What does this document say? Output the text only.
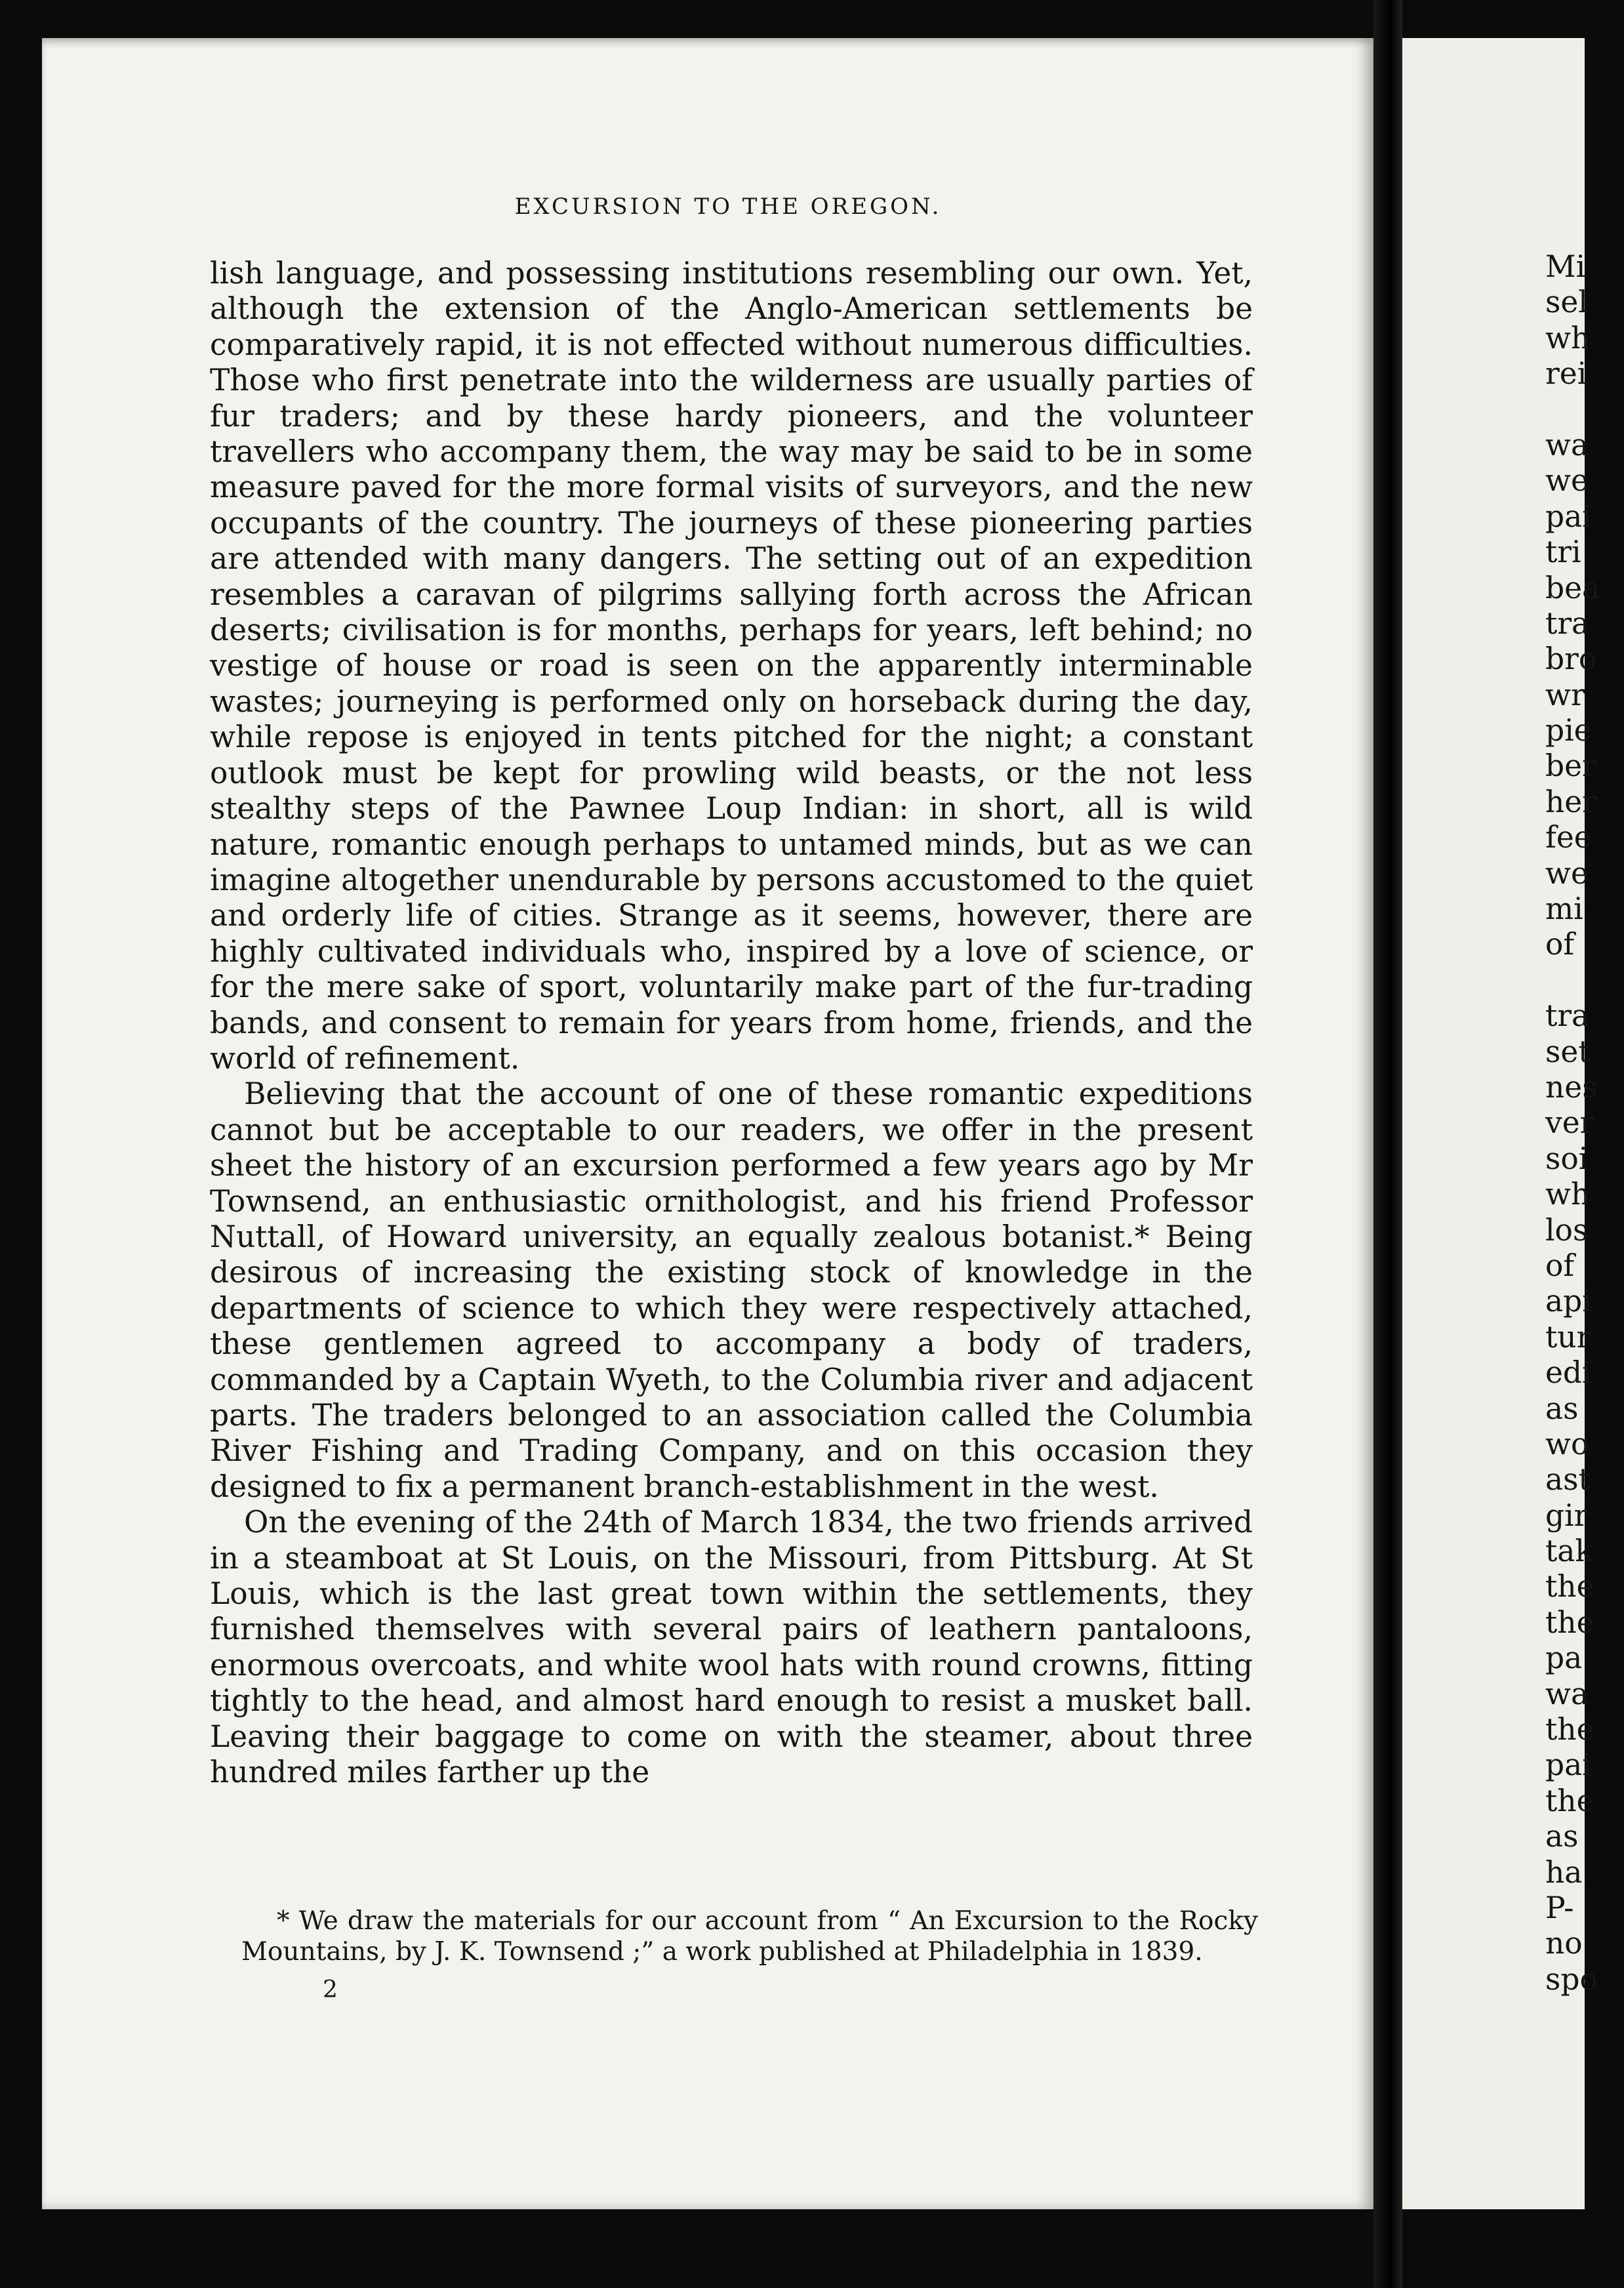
EXCURSION TO THE OREGON.

lish language, and possessing institutions resembling our own. Yet, although the extension of the Anglo-American settlements be comparatively rapid, it is not effected without numerous difficulties. Those who first penetrate into the wilderness are usually parties of fur traders; and by these hardy pioneers, and the volunteer travellers who accompany them, the way may be said to be in some measure paved for the more formal visits of surveyors, and the new occupants of the country. The journeys of these pioneering parties are attended with many dangers. The setting out of an expedition resembles a caravan of pilgrims sallying forth across the African deserts; civilisation is for months, perhaps for years, left behind; no vestige of house or road is seen on the apparently interminable wastes; journeying is performed only on horseback during the day, while repose is enjoyed in tents pitched for the night; a constant outlook must be kept for prowling wild beasts, or the not less stealthy steps of the Pawnee Loup Indian: in short, all is wild nature, romantic enough perhaps to untamed minds, but as we can imagine altogether unendurable by persons accustomed to the quiet and orderly life of cities. Strange as it seems, however, there are highly cultivated individuals who, inspired by a love of science, or for the mere sake of sport, voluntarily make part of the fur-trading bands, and consent to remain for years from home, friends, and the world of refinement.

Believing that the account of one of these romantic expeditions cannot but be acceptable to our readers, we offer in the present sheet the history of an excursion performed a few years ago by Mr Townsend, an enthusiastic ornithologist, and his friend Professor Nuttall, of Howard university, an equally zealous botanist.* Being desirous of increasing the existing stock of knowledge in the departments of science to which they were respectively attached, these gentlemen agreed to accompany a body of traders, commanded by a Captain Wyeth, to the Columbia river and adjacent parts. The traders belonged to an association called the Columbia River Fishing and Trading Company, and on this occasion they designed to fix a permanent branch-establishment in the west.

On the evening of the 24th of March 1834, the two friends arrived in a steamboat at St Louis, on the Missouri, from Pittsburg. At St Louis, which is the last great town within the settlements, they furnished themselves with several pairs of leathern pantaloons, enormous overcoats, and white wool hats with round crowns, fitting tightly to the head, and almost hard enough to resist a musket ball. Leaving their baggage to come on with the steamer, about three hundred miles farther up the

* We draw the materials for our account from “ An Excursion to the Rocky Mountains, by J. K. Townsend ;” a work published at Philadelphia in 1839.
2
Mi
sel
wh
rei
wa
we
pai
tri
bea
tra
bro
wr
pie
ber
her
fee
we
mi
of
tra
set
nes
ver
soi
wh
los
of
api
tur
edi
as
wo
ast
gir
tak
the
the
pa
wa
the
pai
the
as
ha
P-
no
spo
